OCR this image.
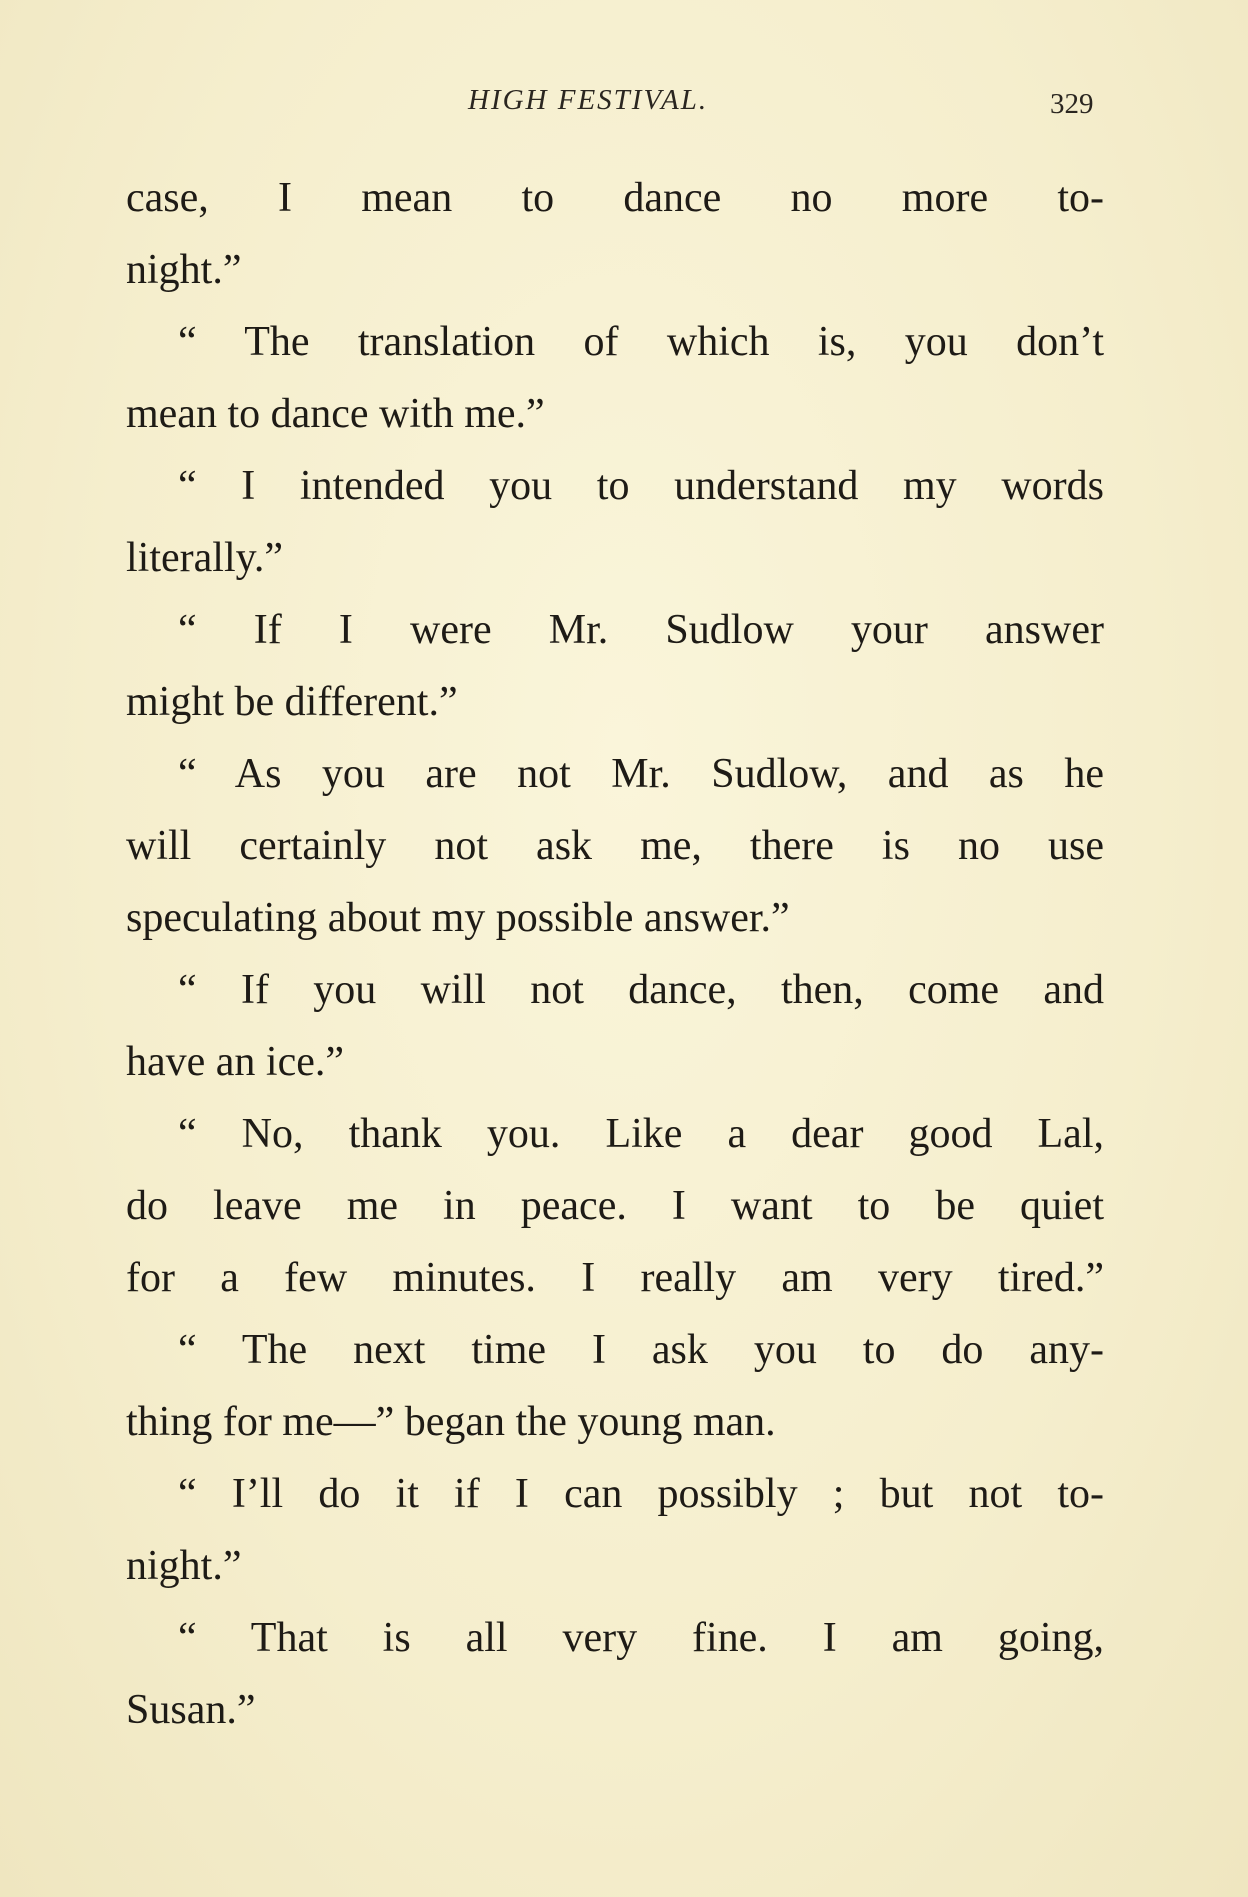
HIGH FESTIVAL.	329
case, I mean to dance no more to-
night.”
“ The translation of which is, you don’t
mean to dance with me.”
“ I intended you to understand my words
literally.”
“ If I were Mr. Sudlow your answer
might be different.”
“ As you are not Mr. Sudlow, and as he
will certainly not ask me, there is no use
speculating about my possible answer.”
“ If you will not dance, then, come and
have an ice.”
“ No, thank you. Like a dear good Lal,
do leave me in peace. I want to be quiet
for a few minutes. I really am very tired.”
“ The next time I ask you to do any-
thing for me—” began the young man.
“ I’ll do it if I can possibly ; but not to-
night.”
“ That is all very fine. I am going,
Susan.”
